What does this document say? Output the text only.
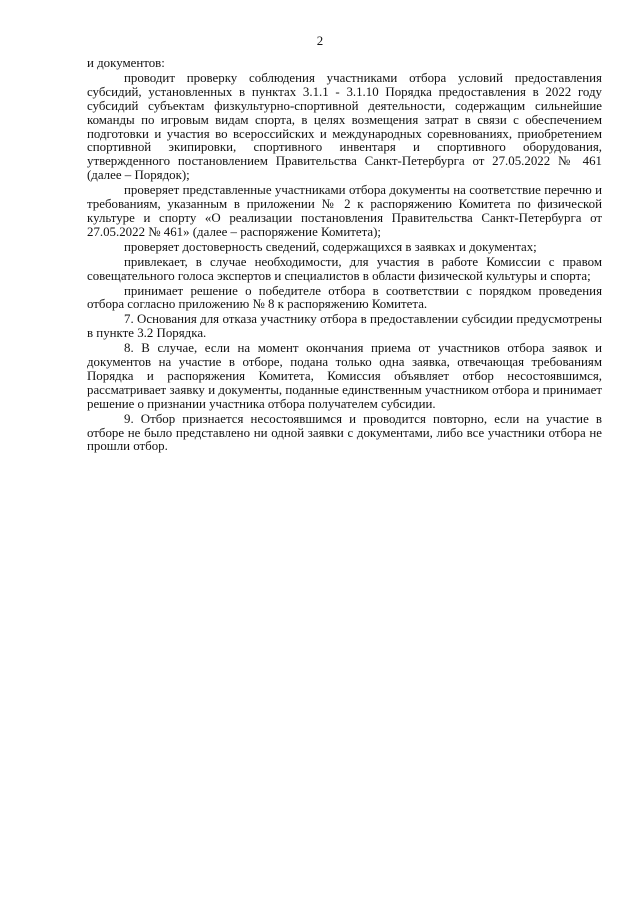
2

и документов:

проводит проверку соблюдения участниками отбора условий предоставления субсидий, установленных в пунктах 3.1.1 - 3.1.10 Порядка предоставления в 2022 году субсидий субъектам физкультурно-спортивной деятельности, содержащим сильнейшие команды по игровым видам спорта, в целях возмещения затрат в связи с обеспечением подготовки и участия во всероссийских и международных соревнованиях, приобретением спортивной экипировки, спортивного инвентаря и спортивного оборудования, утвержденного постановлением Правительства Санкт-Петербурга от 27.05.2022 № 461 (далее – Порядок);

проверяет представленные участниками отбора документы на соответствие перечню и требованиям, указанным в приложении № 2 к распоряжению Комитета по физической культуре и спорту «О реализации постановления Правительства Санкт-Петербурга от 27.05.2022 № 461» (далее – распоряжение Комитета);

проверяет достоверность сведений, содержащихся в заявках и документах;

привлекает, в случае необходимости, для участия в работе Комиссии с правом совещательного голоса экспертов и специалистов в области физической культуры и спорта;

принимает решение о победителе отбора в соответствии с порядком проведения отбора согласно приложению № 8 к распоряжению Комитета.

7. Основания для отказа участнику отбора в предоставлении субсидии предусмотрены в пункте 3.2 Порядка.

8. В случае, если на момент окончания приема от участников отбора заявок и документов на участие в отборе, подана только одна заявка, отвечающая требованиям Порядка и распоряжения Комитета, Комиссия объявляет отбор несостоявшимся, рассматривает заявку и документы, поданные единственным участником отбора и принимает решение о признании участника отбора получателем субсидии.

9. Отбор признается несостоявшимся и проводится повторно, если на участие в отборе не было представлено ни одной заявки с документами, либо все участники отбора не прошли отбор.
